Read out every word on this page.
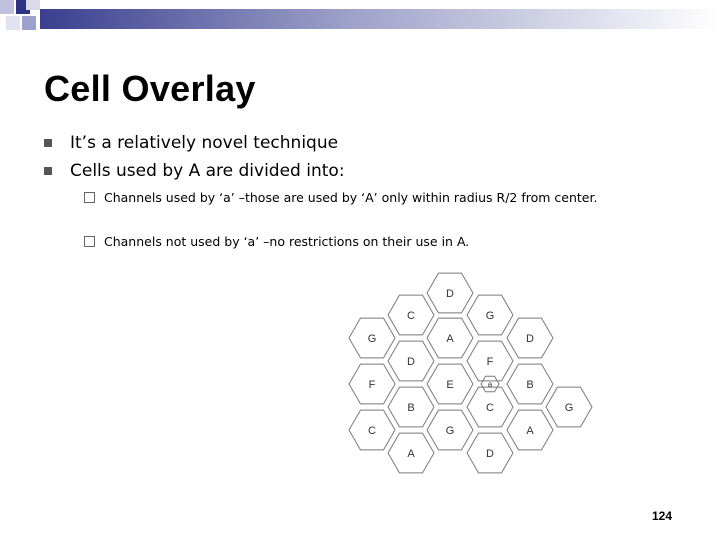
Cell Overlay
It’s a relatively novel technique
Cells used by A are divided into:
Channels used by ‘a’ –those are used by ‘A’ only within radius R/2 from center.
Channels not used by ‘a’ –no restrictions on their use in A.
D
C	G
G	A	D
D	F
F	E	B
B	C	G
C	G	A
A	D
a
124
